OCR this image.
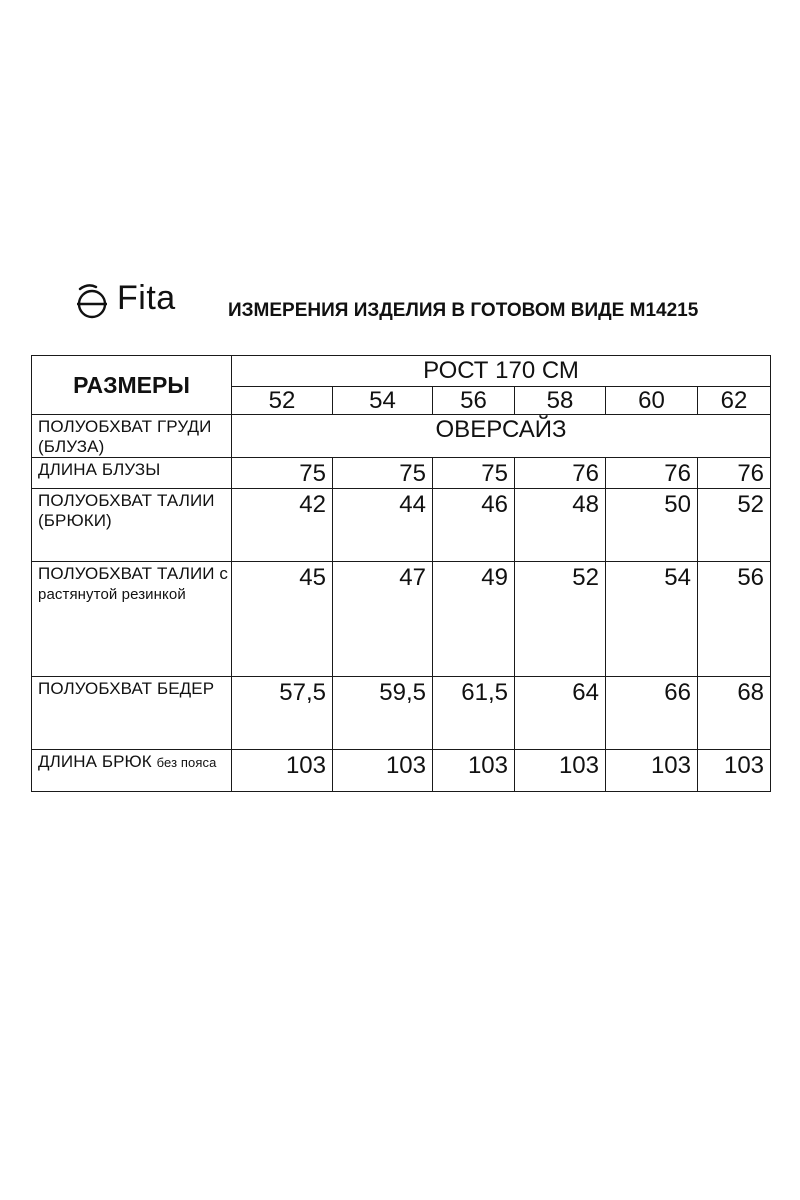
Fita	ИЗМЕРЕНИЯ ИЗДЕЛИЯ В ГОТОВОМ ВИДЕ М14215
РАЗМЕРЫ	РОСТ 170 СМ					
	52	54	56	58	60	62
ПОЛУОБХВАТ ГРУДИ (БЛУЗА)	ОВЕРСАЙЗ					
ДЛИНА БЛУЗЫ	75	75	75	76	76	76
ПОЛУОБХВАТ ТАЛИИ (БРЮКИ)	42	44	46	48	50	52
ПОЛУОБХВАТ ТАЛИИ с
растянутой резинкой	45	47	49	52	54	56
ПОЛУОБХВАТ БЕДЕР	57,5	59,5	61,5	64	66	68
ДЛИНА БРЮК без пояса	103	103	103	103	103	103
